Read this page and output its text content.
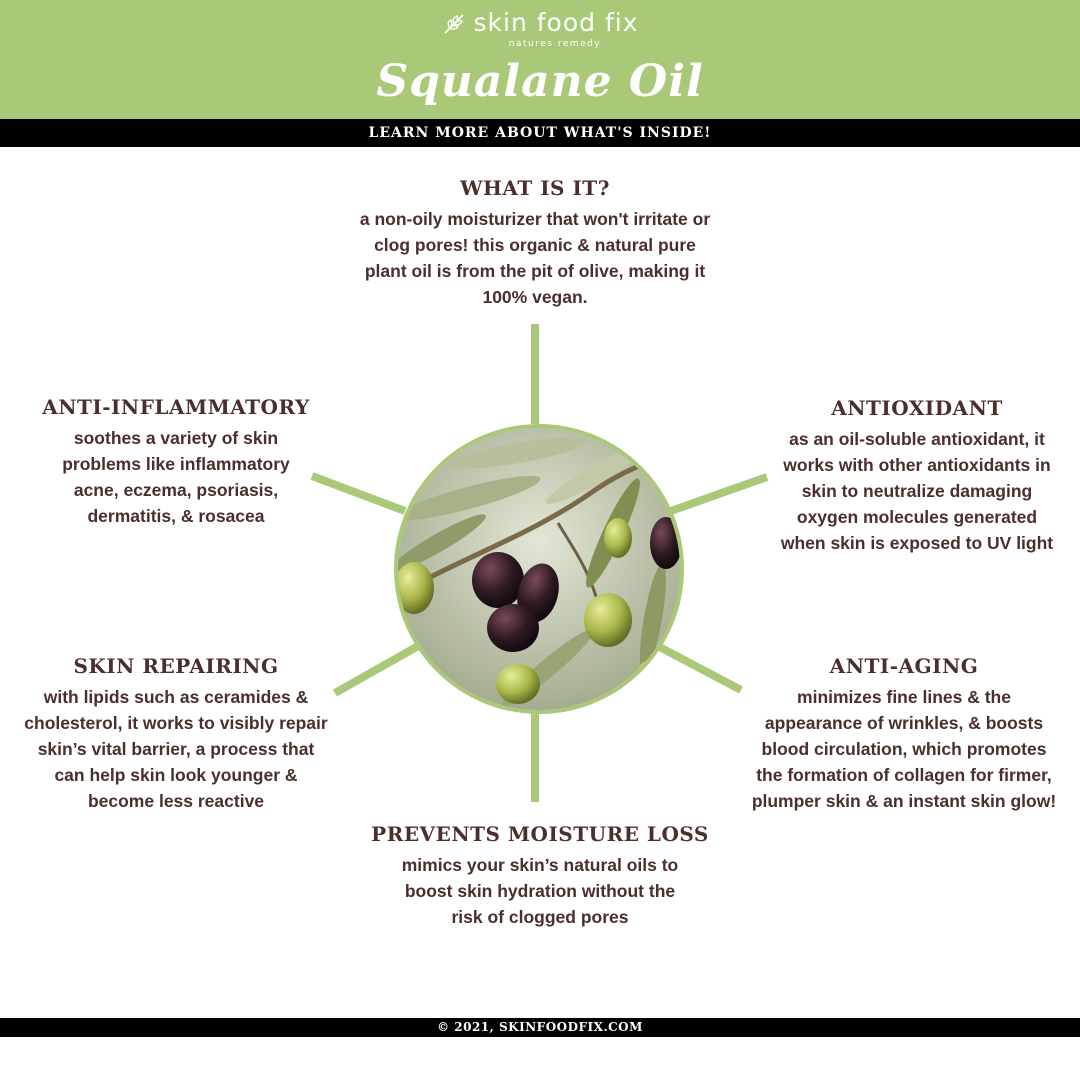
skin food fix
natures remedy
Squalane Oil
LEARN MORE ABOUT WHAT'S INSIDE!
WHAT IS IT?

a non-oily moisturizer that won't irritate or
clog pores! this organic & natural pure
plant oil is from the pit of olive, making it
100% vegan.

ANTI-INFLAMMATORY

soothes a variety of skin
problems like inflammatory
acne, eczema, psoriasis,
dermatitis, & rosacea

ANTIOXIDANT

as an oil-soluble antioxidant, it
works with other antioxidants in
skin to neutralize damaging
oxygen molecules generated
when skin is exposed to UV light

SKIN REPAIRING

with lipids such as ceramides &
cholesterol, it works to visibly repair
skin’s vital barrier, a process that
can help skin look younger &
become less reactive

ANTI-AGING

minimizes fine lines & the
appearance of wrinkles, & boosts
blood circulation, which promotes
the formation of collagen for firmer,
plumper skin & an instant skin glow!

PREVENTS MOISTURE LOSS

mimics your skin’s natural oils to
boost skin hydration without the
risk of clogged pores

© 2021, SKINFOODFIX.COM
